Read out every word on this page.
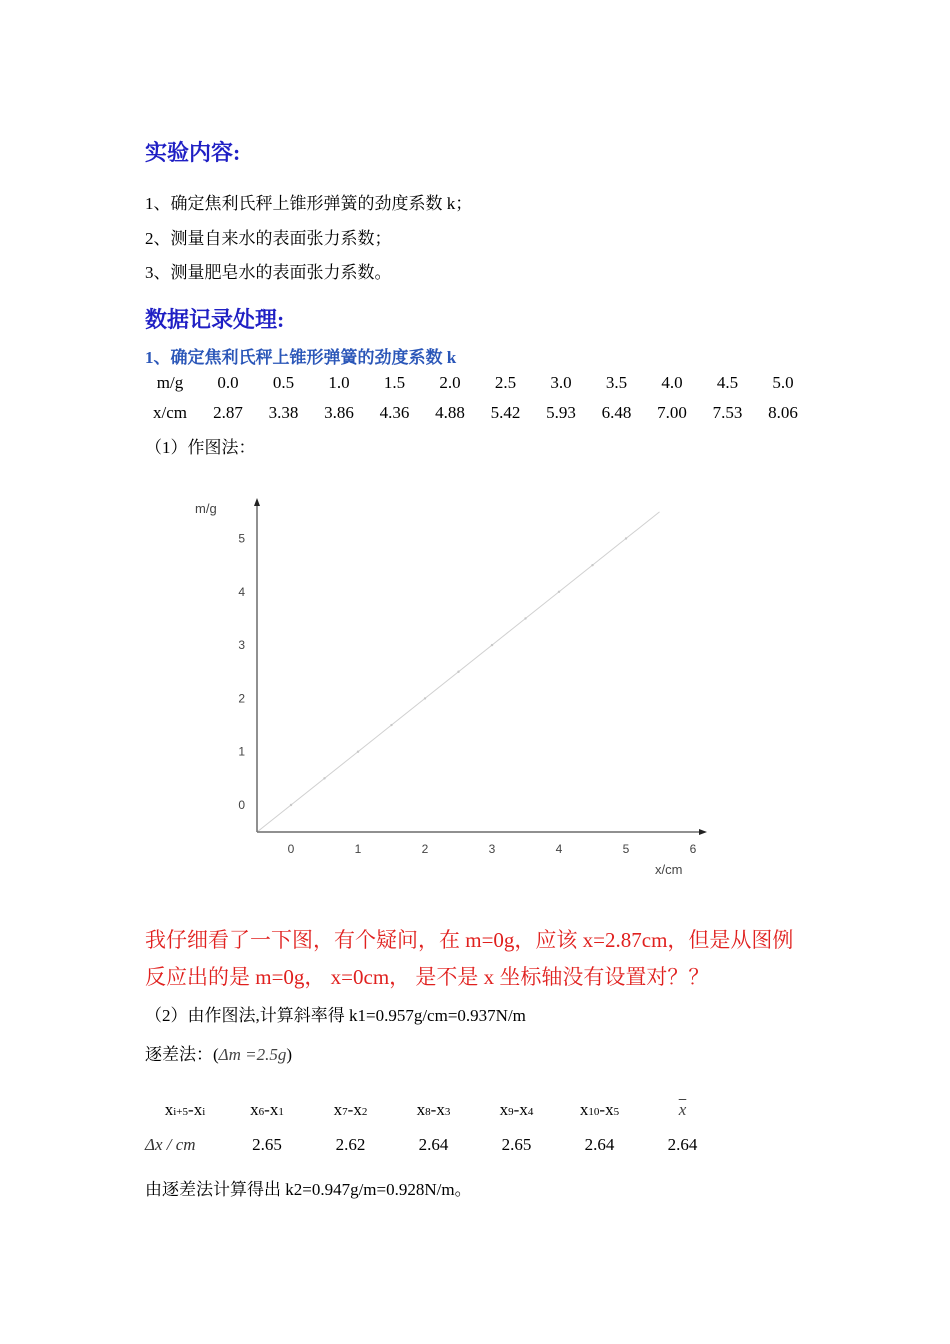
实验内容:
1、确定焦利氏秤上锥形弹簧的劲度系数 k；
2、测量自来水的表面张力系数；
3、测量肥皂水的表面张力系数。
数据记录处理:
1、确定焦利氏秤上锥形弹簧的劲度系数 k
m/g	0.0	0.5	1.0	1.5	2.0	2.5	3.0	3.5	4.0	4.5	5.0
x/cm	2.87	3.38	3.86	4.36	4.88	5.42	5.93	6.48	7.00	7.53	8.06
（1）作图法：
m/g
x/cm
0	1	2	3	4	5	6
0
1
2
3
4
5
我仔细看了一下图，有个疑问，在 m=0g，应该 x=2.87cm，但是从图例
反应出的是 m=0g， x=0cm， 是不是 x 坐标轴没有设置对？？
（2）由作图法,计算斜率得 k1=0.957g/cm=0.937N/m
逐差法：(Δm =2.5g)
xi+5-xi	x6-x1	x7-x2	x8-x3	x9-x4	x10-x5	$\overline{x}$
Δx / cm	2.65	2.62	2.64	2.65	2.64	2.64
由逐差法计算得出 k2=0.947g/m=0.928N/m。
